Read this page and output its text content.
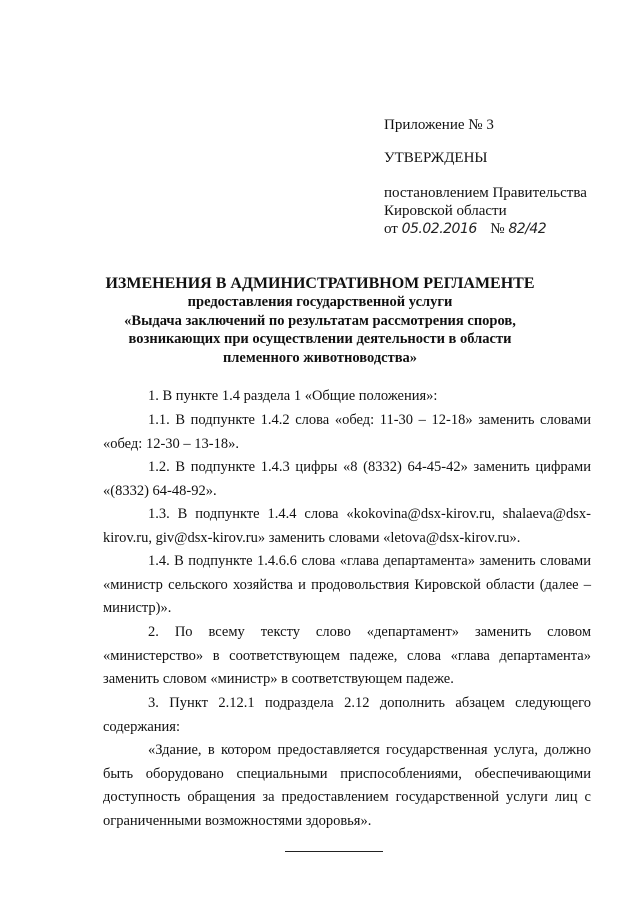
Приложение № 3
УТВЕРЖДЕНЫ
постановлением Правительства
Кировской области
от 05.02.2016 № 82/42
ИЗМЕНЕНИЯ В АДМИНИСТРАТИВНОМ РЕГЛАМЕНТЕ
предоставления государственной услуги
«Выдача заключений по результатам рассмотрения споров,
возникающих при осуществлении деятельности в области
племенного животноводства»
1. В пункте 1.4 раздела 1 «Общие положения»:
1.1. В подпункте 1.4.2 слова «обед: 11-30 – 12-18» заменить словами «обед: 12-30 – 13-18».
1.2. В подпункте 1.4.3 цифры «8 (8332) 64-45-42» заменить цифрами «(8332) 64-48-92».
1.3. В подпункте 1.4.4 слова «kokovina@dsx-kirov.ru, shalaeva@dsx-kirov.ru, giv@dsx-kirov.ru» заменить словами «letova@dsx-kirov.ru».
1.4. В подпункте 1.4.6.6 слова «глава департамента» заменить словами «министр сельского хозяйства и продовольствия Кировской области (далее – министр)».
2. По всему тексту слово «департамент» заменить словом «министерство» в соответствующем падеже, слова «глава департамента» заменить словом «министр» в соответствующем падеже.
3. Пункт 2.12.1 подраздела 2.12 дополнить абзацем следующего содержания:
«Здание, в котором предоставляется государственная услуга, должно быть оборудовано специальными приспособлениями, обеспечивающими доступность обращения за предоставлением государственной услуги лиц с ограниченными возможностями здоровья».
